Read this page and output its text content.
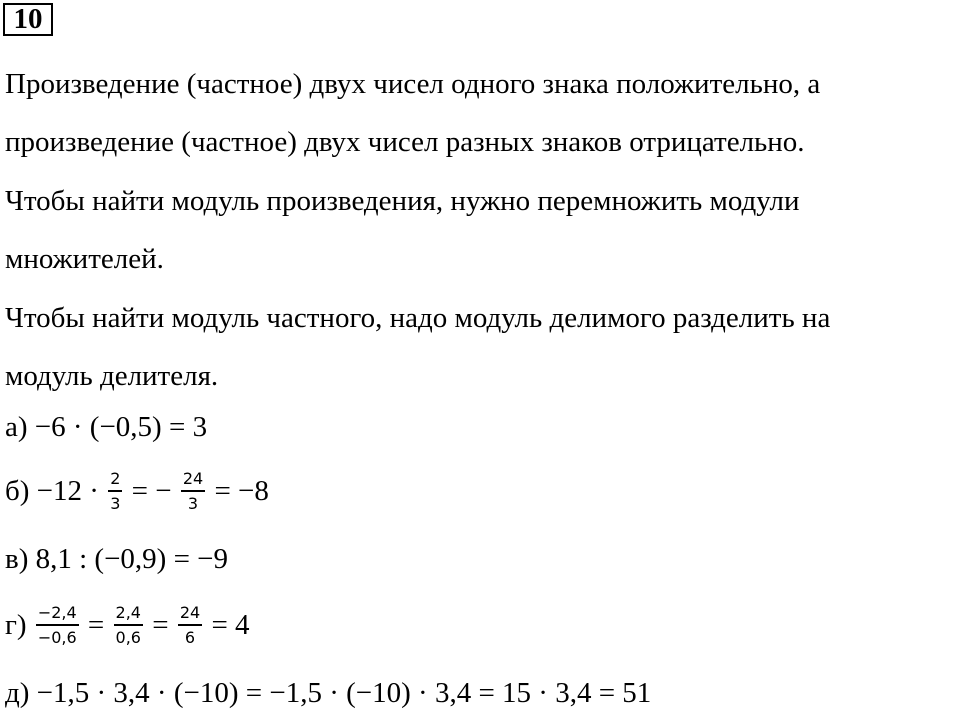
10
Произведение (частное) двух чисел одного знака положительно, а
произведение (частное) двух чисел разных знаков отрицательно.
Чтобы найти модуль произведения, нужно перемножить модули
множителей.
Чтобы найти модуль частного, надо модуль делимого разделить на
модуль делителя.
а) −6 · (−0,5) = 3
$б) -12 \cdot \frac{2}{3}$ = − $\frac{24}{3} = -8$
в) 8,1 : (−0,9) = −9
$г) \frac{-2,4}{-0,6} = \frac{2,4}{0,6} = \frac{24}{6} = 4$
д) −1,5 · 3,4 · (−10) = −1,5 · (−10) · 3,4 = 15 · 3,4 = 51
